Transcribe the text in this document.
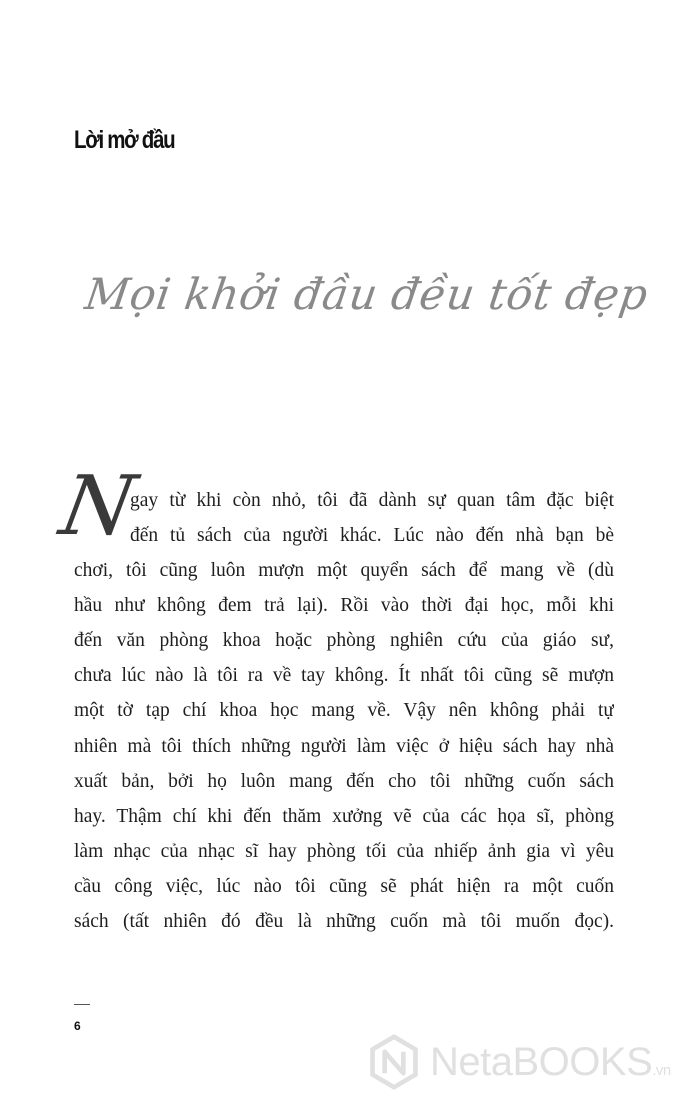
Lời mở đầu
Mọi khởi đầu đều tốt đẹp
N
gay từ khi còn nhỏ, tôi đã dành sự quan tâm đặc biệt
đến tủ sách của người khác. Lúc nào đến nhà bạn bè
chơi, tôi cũng luôn mượn một quyển sách để mang về (dù
hầu như không đem trả lại). Rồi vào thời đại học, mỗi khi
đến văn phòng khoa hoặc phòng nghiên cứu của giáo sư,
chưa lúc nào là tôi ra về tay không. Ít nhất tôi cũng sẽ mượn
một tờ tạp chí khoa học mang về. Vậy nên không phải tự
nhiên mà tôi thích những người làm việc ở hiệu sách hay nhà
xuất bản, bởi họ luôn mang đến cho tôi những cuốn sách
hay. Thậm chí khi đến thăm xưởng vẽ của các họa sĩ, phòng
làm nhạc của nhạc sĩ hay phòng tối của nhiếp ảnh gia vì yêu
cầu công việc, lúc nào tôi cũng sẽ phát hiện ra một cuốn
sách (tất nhiên đó đều là những cuốn mà tôi muốn đọc).
6
NetaBOOKS.vn
